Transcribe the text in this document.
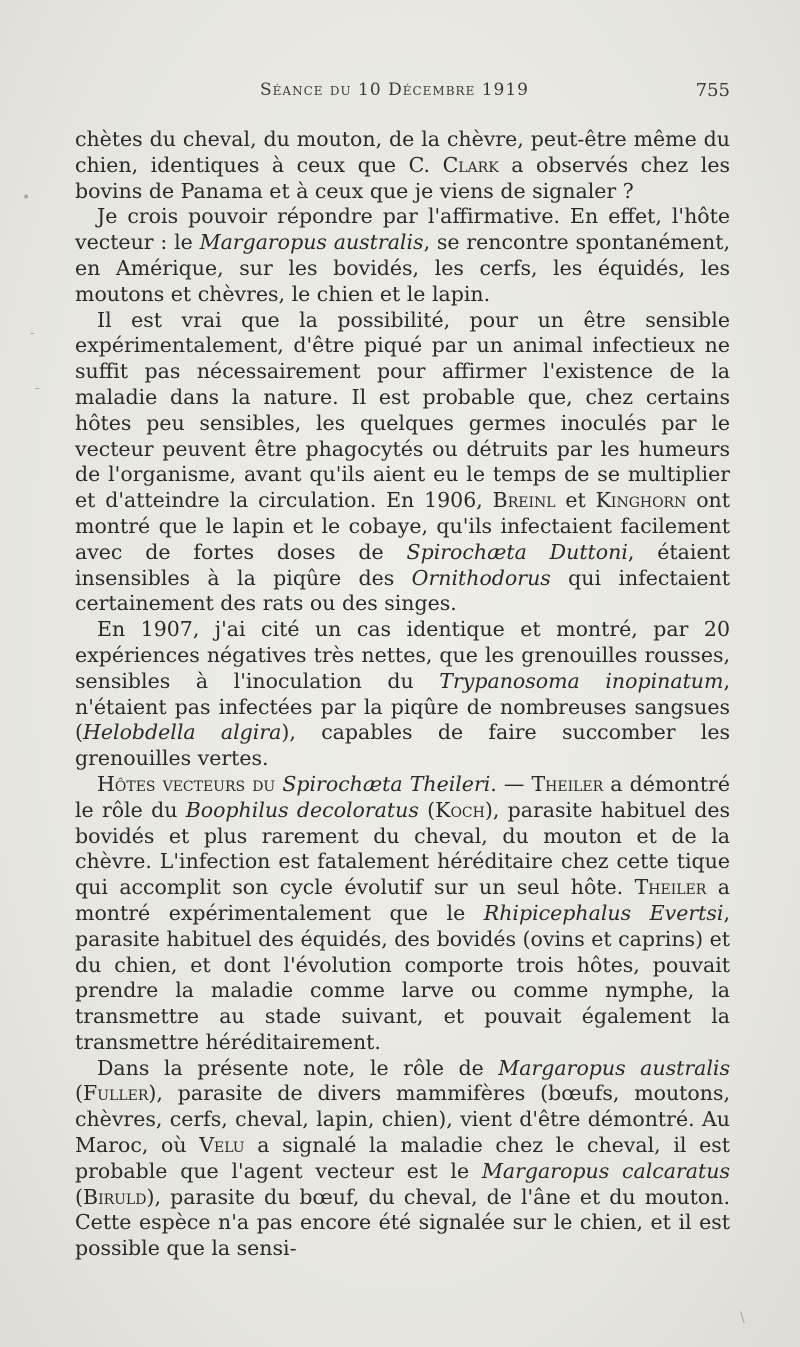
Séance du 10 Décembre 1919	755

chètes du cheval, du mouton, de la chèvre, peut-être même du chien, identiques à ceux que C. Clark a observés chez les bovins de Panama et à ceux que je viens de signaler ?

Je crois pouvoir répondre par l'affirmative. En effet, l'hôte vecteur : le Margaropus australis, se rencontre spontanément, en Amérique, sur les bovidés, les cerfs, les équidés, les moutons et chèvres, le chien et le lapin.

Il est vrai que la possibilité, pour un être sensible expérimentalement, d'être piqué par un animal infectieux ne suffit pas nécessairement pour affirmer l'existence de la maladie dans la nature. Il est probable que, chez certains hôtes peu sensibles, les quelques germes inoculés par le vecteur peuvent être phagocytés ou détruits par les humeurs de l'organisme, avant qu'ils aient eu le temps de se multiplier et d'atteindre la circulation. En 1906, Breinl et Kinghorn ont montré que le lapin et le cobaye, qu'ils infectaient facilement avec de fortes doses de Spirochæta Duttoni, étaient insensibles à la piqûre des Ornithodorus qui infectaient certainement des rats ou des singes.

En 1907, j'ai cité un cas identique et montré, par 20 expériences négatives très nettes, que les grenouilles rousses, sensibles à l'inoculation du Trypanosoma inopinatum, n'étaient pas infectées par la piqûre de nombreuses sangsues (Helobdella algira), capables de faire succomber les grenouilles vertes.

Hôtes vecteurs du Spirochæta Theileri. — Theiler a démontré le rôle du Boophilus decoloratus (Koch), parasite habituel des bovidés et plus rarement du cheval, du mouton et de la chèvre. L'infection est fatalement héréditaire chez cette tique qui accomplit son cycle évolutif sur un seul hôte. Theiler a montré expérimentalement que le Rhipicephalus Evertsi, parasite habituel des équidés, des bovidés (ovins et caprins) et du chien, et dont l'évolution comporte trois hôtes, pouvait prendre la maladie comme larve ou comme nymphe, la transmettre au stade suivant, et pouvait également la transmettre héréditairement.

Dans la présente note, le rôle de Margaropus australis (Fuller), parasite de divers mammifères (bœufs, moutons, chèvres, cerfs, cheval, lapin, chien), vient d'être démontré. Au Maroc, où Velu a signalé la maladie chez le cheval, il est probable que l'agent vecteur est le Margaropus calcaratus (Biruld), parasite du bœuf, du cheval, de l'âne et du mouton. Cette espèce n'a pas encore été signalée sur le chien, et il est possible que la sensi-

•
-
-
\
